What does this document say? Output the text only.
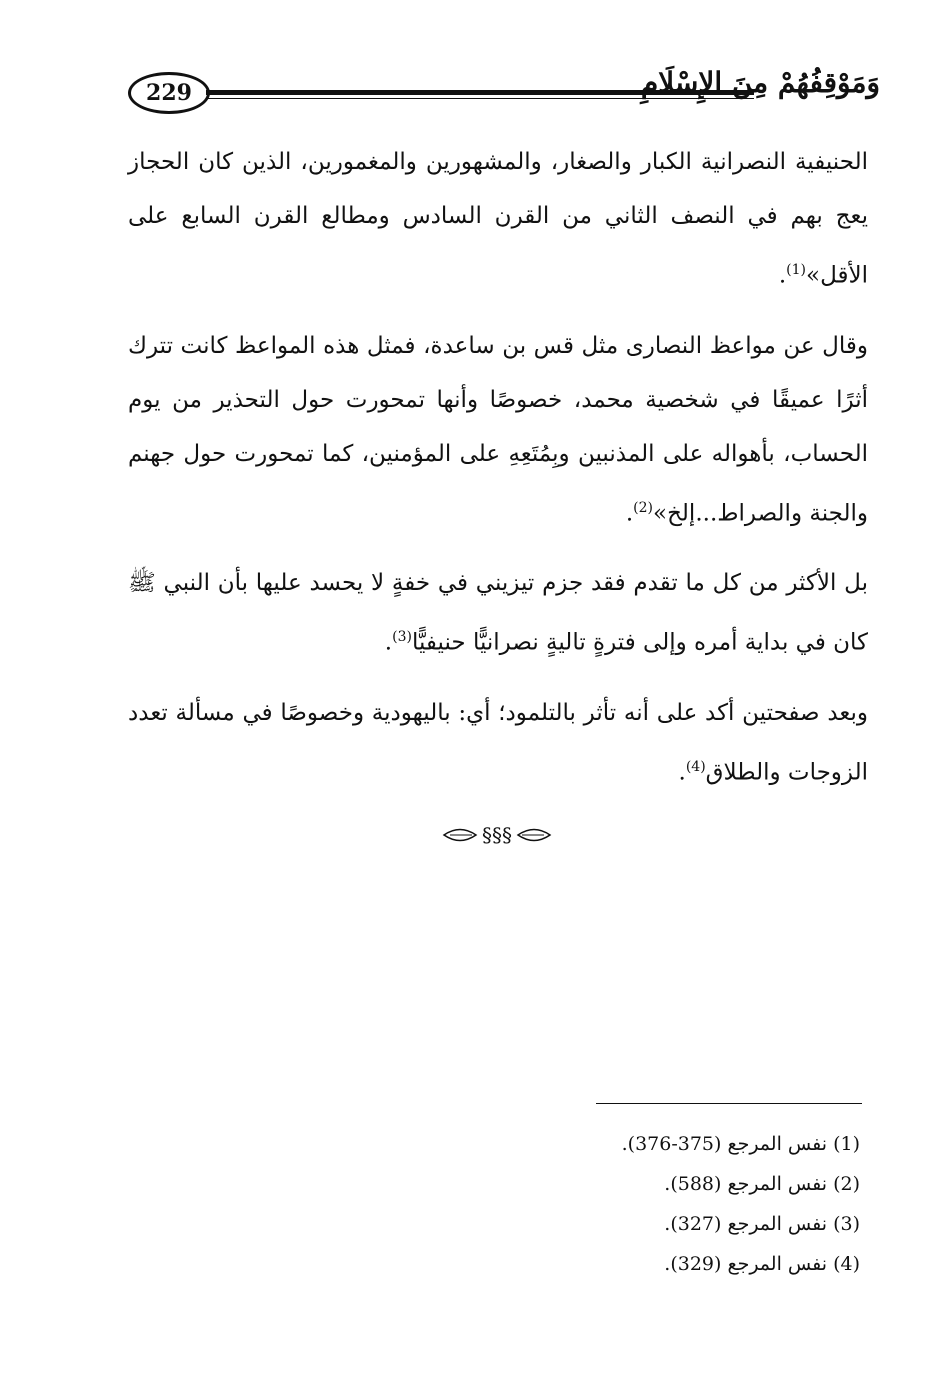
229	وَمَوْقِفُهُمْ مِنَ الإِسْلَامِ

الحنيفية النصرانية الكبار والصغار، والمشهورين والمغمورين، الذين كان الحجاز يعج بهم في النصف الثاني من القرن السادس ومطالع القرن السابع على الأقل»$^{(1)}$.

وقال عن مواعظ النصارى مثل قس بن ساعدة، فمثل هذه المواعظ كانت تترك أثرًا عميقًا في شخصية محمد، خصوصًا وأنها تمحورت حول التحذير من يوم الحساب، بأهواله على المذنبين وبِمُتَعِهِ على المؤمنين، كما تمحورت حول جهنم والجنة والصراط...إلخ»$^{(2)}$.

بل الأكثر من كل ما تقدم فقد جزم تيزيني في خفةٍ لا يحسد عليها بأن النبي ﷺ كان في بداية أمره وإلى فترةٍ تاليةٍ نصرانيًّا حنيفيًّا$^{(3)}$.

وبعد صفحتين أكد على أنه تأثر بالتلمود؛ أي: باليهودية وخصوصًا في مسألة تعدد الزوجات والطلاق$^{(4)}$.

§§§
(1) نفس المرجع (375-376).
(2) نفس المرجع (588).
(3) نفس المرجع (327).
(4) نفس المرجع (329).
